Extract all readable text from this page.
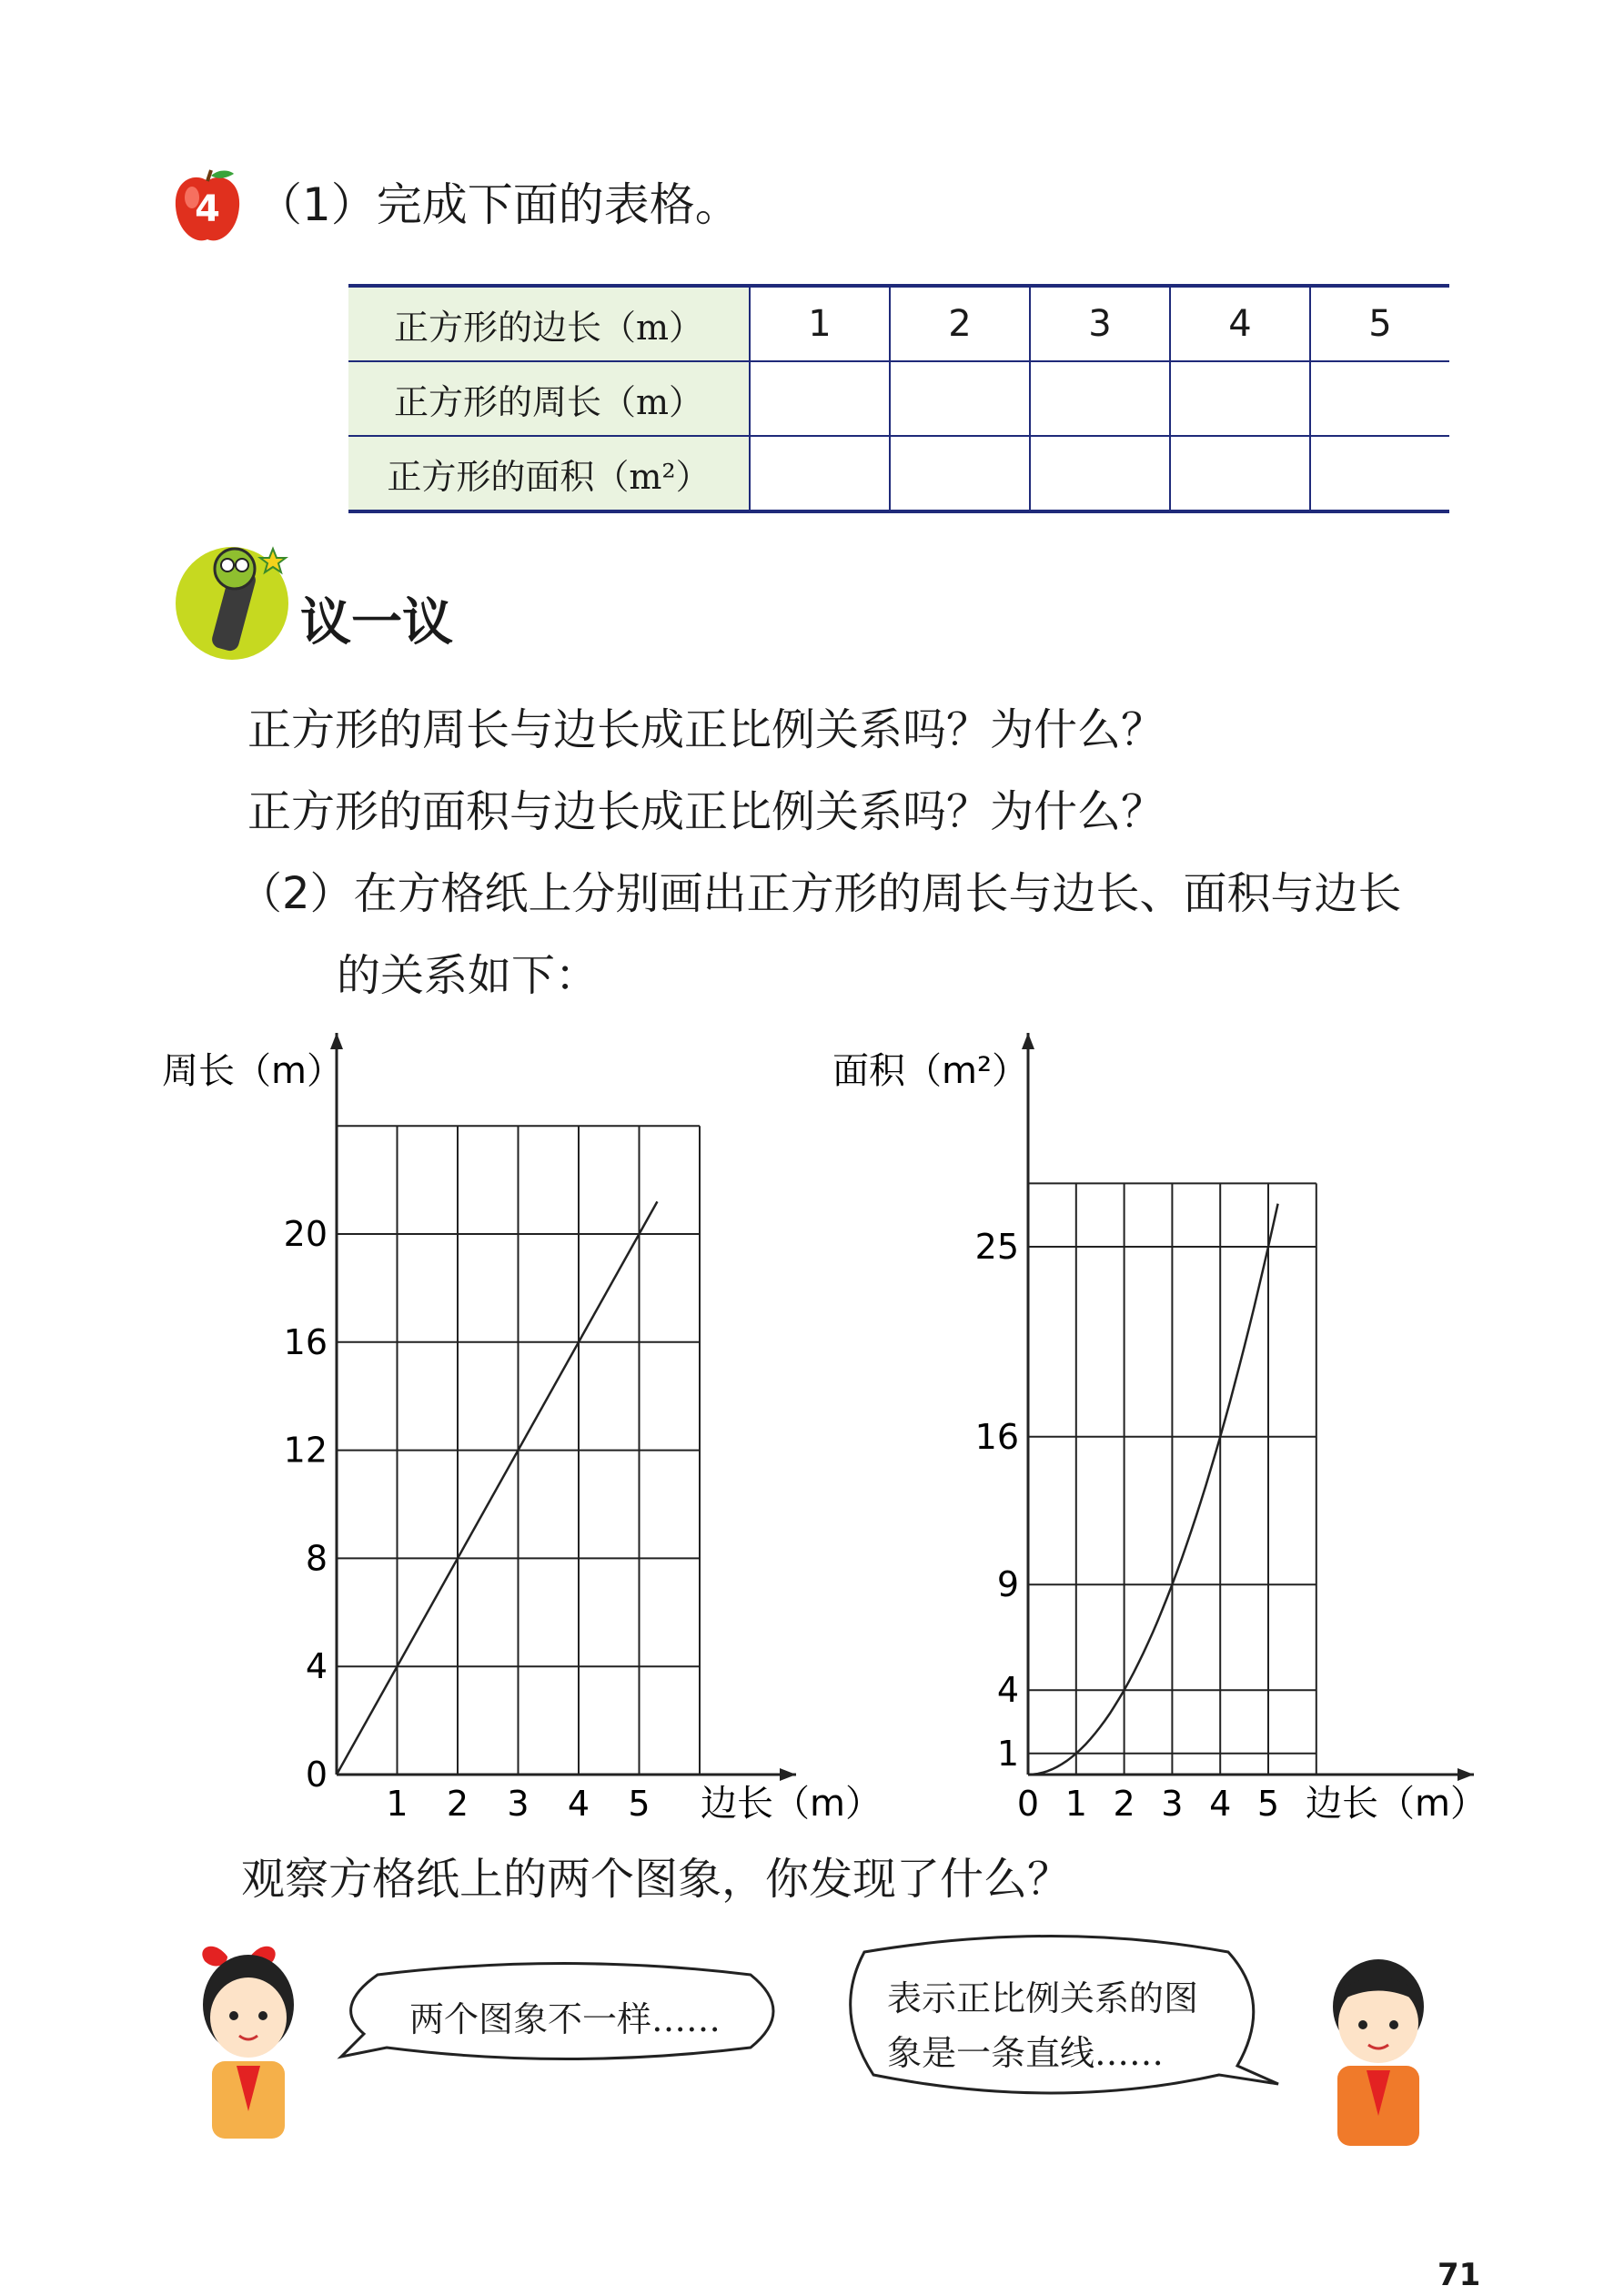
4 （1）完成下面的表格。
正方形的边长（m）	1	2	3	4	5
正方形的周长（m）					
正方形的面积（m²）					
议一议
正方形的周长与边长成正比例关系吗？为什么？
正方形的面积与边长成正比例关系吗？为什么？
（2）在方格纸上分别画出正方形的周长与边长、面积与边长
的关系如下：
周长（m）
边长（m）
1 2 3 4 5
0
4
8
12
16
20
面积（m²）
边长（m）
0 1 2 3 4 5
1
4
9
16
25
观察方格纸上的两个图象，你发现了什么？
两个图象不一样……
表示正比例关系的图
象是一条直线……
71
